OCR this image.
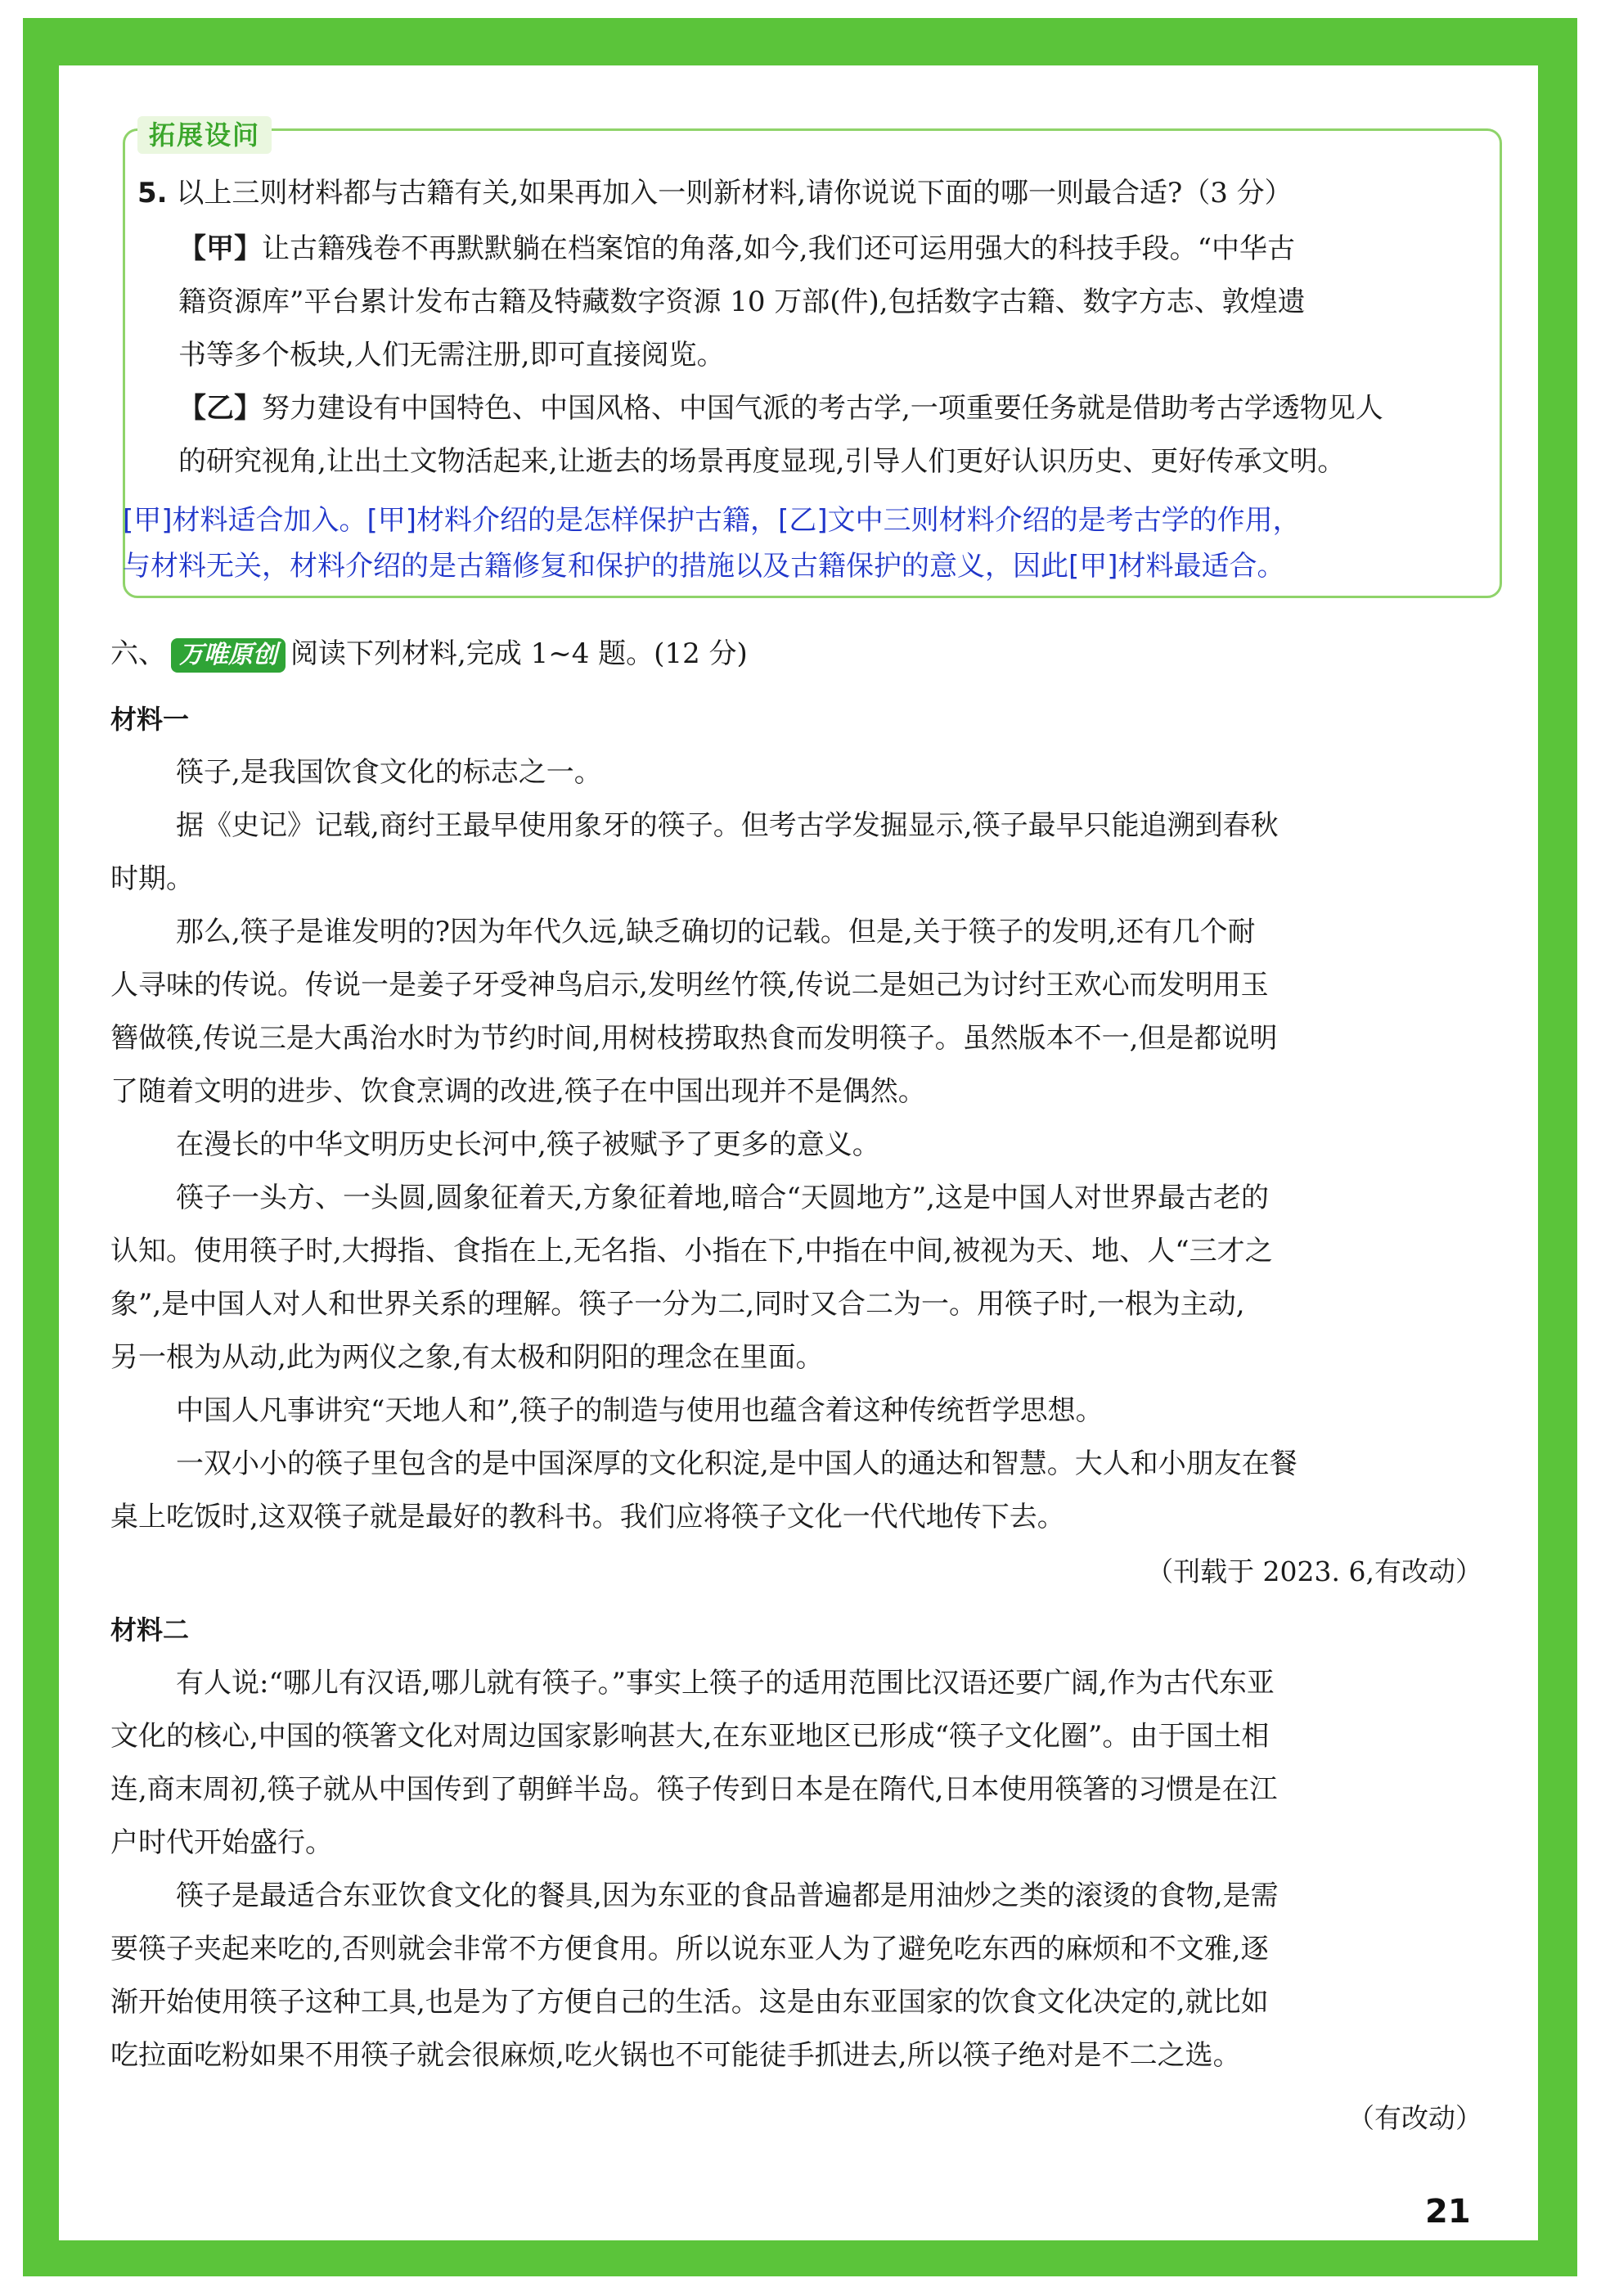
拓展设问
5. 以上三则材料都与古籍有关,如果再加入一则新材料,请你说说下面的哪一则最合适?（3 分）
【甲】让古籍残卷不再默默躺在档案馆的角落,如今,我们还可运用强大的科技手段。“中华古
籍资源库”平台累计发布古籍及特藏数字资源 10 万部(件),包括数字古籍、数字方志、敦煌遗
书等多个板块,人们无需注册,即可直接阅览。
【乙】努力建设有中国特色、中国风格、中国气派的考古学,一项重要任务就是借助考古学透物见人
的研究视角,让出土文物活起来,让逝去的场景再度显现,引导人们更好认识历史、更好传承文明。
[甲]材料适合加入。[甲]材料介绍的是怎样保护古籍，[乙]文中三则材料介绍的是考古学的作用，
与材料无关，材料介绍的是古籍修复和保护的措施以及古籍保护的意义，因此[甲]材料最适合。
六、 万唯原创 阅读下列材料,完成 1~4 题。(12 分)
材料一
筷子,是我国饮食文化的标志之一。
据《史记》记载,商纣王最早使用象牙的筷子。但考古学发掘显示,筷子最早只能追溯到春秋
时期。
那么,筷子是谁发明的?因为年代久远,缺乏确切的记载。但是,关于筷子的发明,还有几个耐
人寻味的传说。传说一是姜子牙受神鸟启示,发明丝竹筷,传说二是妲己为讨纣王欢心而发明用玉
簪做筷,传说三是大禹治水时为节约时间,用树枝捞取热食而发明筷子。虽然版本不一,但是都说明
了随着文明的进步、饮食烹调的改进,筷子在中国出现并不是偶然。
在漫长的中华文明历史长河中,筷子被赋予了更多的意义。
筷子一头方、一头圆,圆象征着天,方象征着地,暗合“天圆地方”,这是中国人对世界最古老的
认知。使用筷子时,大拇指、食指在上,无名指、小指在下,中指在中间,被视为天、地、人“三才之
象”,是中国人对人和世界关系的理解。筷子一分为二,同时又合二为一。用筷子时,一根为主动,
另一根为从动,此为两仪之象,有太极和阴阳的理念在里面。
中国人凡事讲究“天地人和”,筷子的制造与使用也蕴含着这种传统哲学思想。
一双小小的筷子里包含的是中国深厚的文化积淀,是中国人的通达和智慧。大人和小朋友在餐
桌上吃饭时,这双筷子就是最好的教科书。我们应将筷子文化一代代地传下去。
（刊载于 2023. 6,有改动）
材料二
有人说:“哪儿有汉语,哪儿就有筷子。”事实上筷子的适用范围比汉语还要广阔,作为古代东亚
文化的核心,中国的筷箸文化对周边国家影响甚大,在东亚地区已形成“筷子文化圈”。由于国土相
连,商末周初,筷子就从中国传到了朝鲜半岛。筷子传到日本是在隋代,日本使用筷箸的习惯是在江
户时代开始盛行。
筷子是最适合东亚饮食文化的餐具,因为东亚的食品普遍都是用油炒之类的滚烫的食物,是需
要筷子夹起来吃的,否则就会非常不方便食用。所以说东亚人为了避免吃东西的麻烦和不文雅,逐
渐开始使用筷子这种工具,也是为了方便自己的生活。这是由东亚国家的饮食文化决定的,就比如
吃拉面吃粉如果不用筷子就会很麻烦,吃火锅也不可能徒手抓进去,所以筷子绝对是不二之选。
（有改动）
21
